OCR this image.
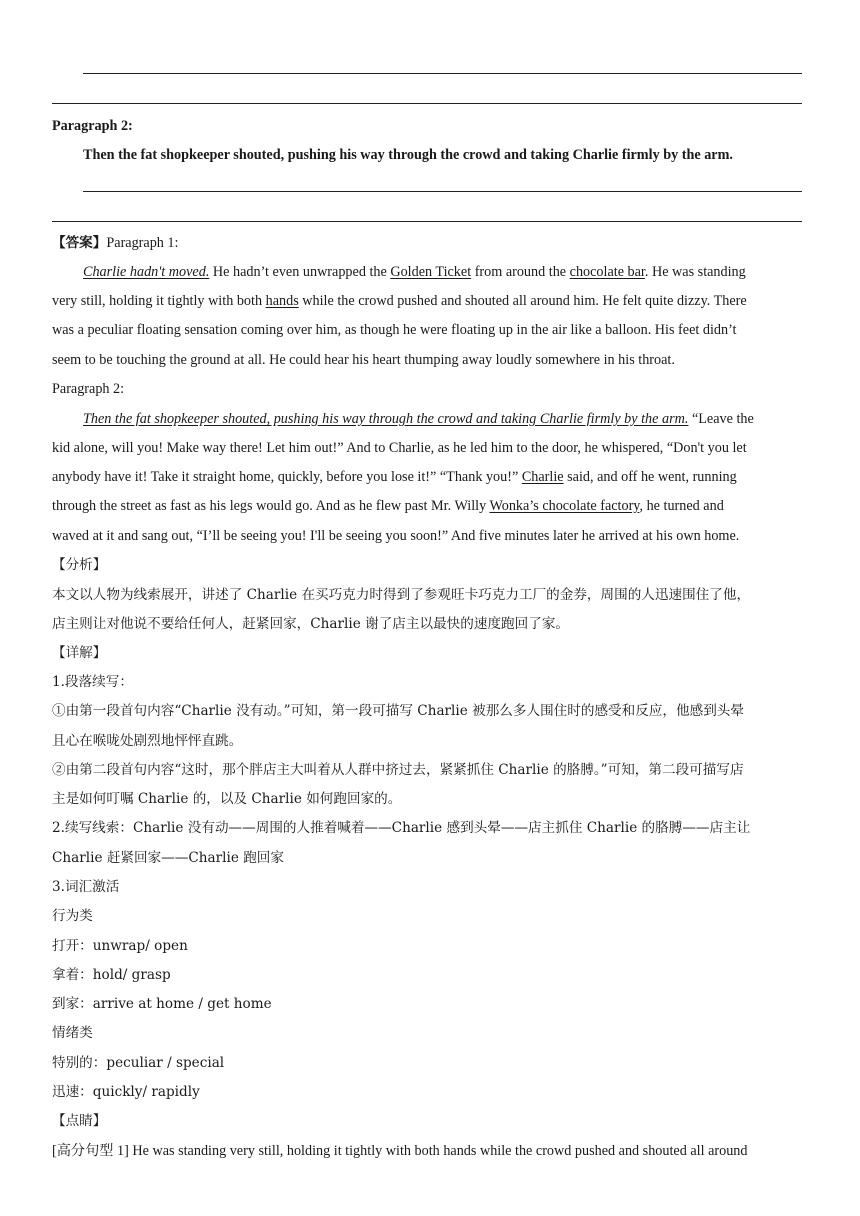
Paragraph 2:
Then the fat shopkeeper shouted, pushing his way through the crowd and taking Charlie firmly by the arm.
【答案】Paragraph 1:
Charlie hadn't moved. He hadn’t even unwrapped the Golden Ticket from around the chocolate bar. He was standing
very still, holding it tightly with both hands while the crowd pushed and shouted all around him. He felt quite dizzy. There
was a peculiar floating sensation coming over him, as though he were floating up in the air like a balloon. His feet didn’t
seem to be touching the ground at all. He could hear his heart thumping away loudly somewhere in his throat.
Paragraph 2:
Then the fat shopkeeper shouted, pushing his way through the crowd and taking Charlie firmly by the arm. “Leave the
kid alone, will you! Make way there! Let him out!” And to Charlie, as he led him to the door, he whispered, “Don't you let
anybody have it! Take it straight home, quickly, before you lose it!” “Thank you!” Charlie said, and off he went, running
through the street as fast as his legs would go. And as he flew past Mr. Willy Wonka’s chocolate factory, he turned and
waved at it and sang out, “I’ll be seeing you! I'll be seeing you soon!” And five minutes later he arrived at his own home.
【分析】
本文以人物为线索展开，讲述了 Charlie 在买巧克力时得到了参观旺卡巧克力工厂的金券，周围的人迅速围住了他，
店主则让对他说不要给任何人，赶紧回家，Charlie 谢了店主以最快的速度跑回了家。
【详解】
1.段落续写：
①由第一段首句内容“Charlie 没有动。”可知，第一段可描写 Charlie 被那么多人围住时的感受和反应，他感到头晕
且心在喉咙处剧烈地怦怦直跳。
②由第二段首句内容“这时，那个胖店主大叫着从人群中挤过去，紧紧抓住 Charlie 的胳膊。”可知，第二段可描写店
主是如何叮嘱 Charlie 的，以及 Charlie 如何跑回家的。
2.续写线索：Charlie 没有动——周围的人推着喊着——Charlie 感到头晕——店主抓住 Charlie 的胳膊——店主让
Charlie 赶紧回家——Charlie 跑回家
3.词汇激活
行为类
打开：unwrap/ open
拿着：hold/ grasp
到家：arrive at home / get home
情绪类
特别的：peculiar / special
迅速：quickly/ rapidly
【点睛】
[高分句型 1] He was standing very still, holding it tightly with both hands while the crowd pushed and shouted all around
